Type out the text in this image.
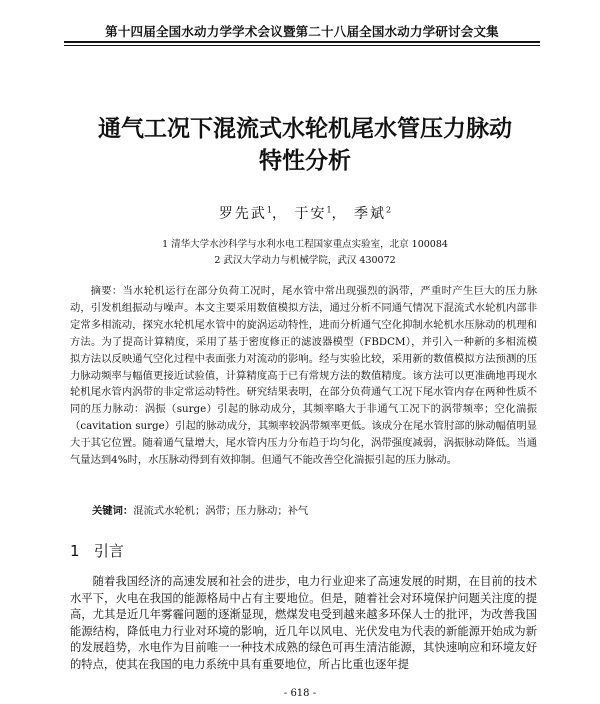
第十四届全国水动力学学术会议暨第二十八届全国水动力学研讨会文集
通气工况下混流式水轮机尾水管压力脉动
特性分析
罗先武$^1$， 于安$^1$， 季斌$^2$
1 清华大学水沙科学与水利水电工程国家重点实验室，北京 100084
2 武汉大学动力与机械学院，武汉 430072
摘要：当水轮机运行在部分负荷工况时，尾水管中常出现强烈的涡带，严重时产生巨大的压力脉动，引发机组振动与噪声。本文主要采用数值模拟方法，通过分析不同通气情况下混流式水轮机内部非定常多相流动，探究水轮机尾水管中的旋涡运动特性，进而分析通气空化抑制水轮机水压脉动的机理和方法。为了提高计算精度，采用了基于密度修正的滤波器模型（FBDCM），并引入一种新的多相流模拟方法以反映通气空化过程中表面张力对流动的影响。经与实验比较，采用新的数值模拟方法预测的压力脉动频率与幅值更接近试验值，计算精度高于已有常规方法的数值精度。该方法可以更准确地再现水轮机尾水管内涡带的非定常运动特性。研究结果表明，在部分负荷通气工况下尾水管内存在两种性质不同的压力脉动：涡振（surge）引起的脉动成分，其频率略大于非通气工况下的涡带频率；空化湍振（cavitation surge）引起的脉动成分，其频率较涡带频率更低。该成分在尾水管肘部的脉动幅值明显大于其它位置。随着通气量增大，尾水管内压力分布趋于均匀化，涡带强度减弱，涡振脉动降低。当通气量达到4%时，水压脉动得到有效抑制。但通气不能改善空化湍振引起的压力脉动。
关键词：混流式水轮机；涡带；压力脉动；补气
1 引言
随着我国经济的高速发展和社会的进步，电力行业迎来了高速发展的时期，在目前的技术水平下，火电在我国的能源格局中占有主要地位。但是，随着社会对环境保护问题关注度的提高，尤其是近几年雾霾问题的逐渐显现，燃煤发电受到越来越多环保人士的批评，为改善我国能源结构，降低电力行业对环境的影响，近几年以风电、光伏发电为代表的新能源开始成为新的发展趋势，水电作为目前唯一一种技术成熟的绿色可再生清洁能源，其快速响应和环境友好的特点，使其在我国的电力系统中具有重要地位，所占比重也逐年提
- 618 -
